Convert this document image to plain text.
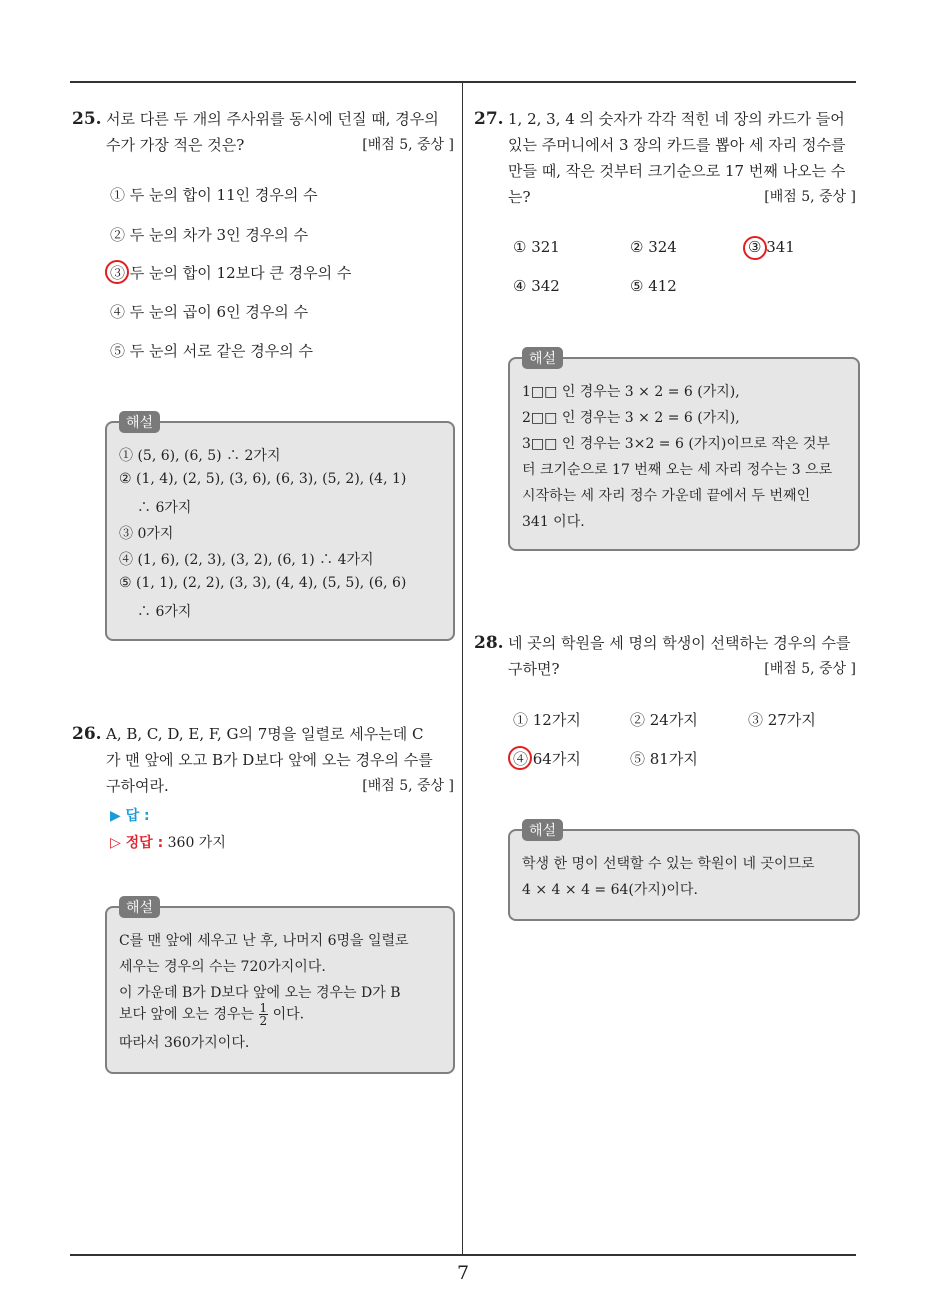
25. 서로 다른 두 개의 주사위를 동시에 던질 때, 경우의
수가 가장 적은 것은?	[배점 5, 중상 ]
① 두 눈의 합이 11인 경우의 수
② 두 눈의 차가 3인 경우의 수
③ 두 눈의 합이 12보다 큰 경우의 수
④ 두 눈의 곱이 6인 경우의 수
⑤ 두 눈의 서로 같은 경우의 수
해설
① (5, 6), (6, 5) ∴ 2가지
② (1, 4), (2, 5), (3, 6), (6, 3), (5, 2), (4, 1)
∴ 6가지
③ 0가지
④ (1, 6), (2, 3), (3, 2), (6, 1) ∴ 4가지
⑤ (1, 1), (2, 2), (3, 3), (4, 4), (5, 5), (6, 6)
∴ 6가지
26. A, B, C, D, E, F, G의 7명을 일렬로 세우는데 C
가 맨 앞에 오고 B가 D보다 앞에 오는 경우의 수를
구하여라.	[배점 5, 중상 ]
▶ 답 :
▷ 정답 : 360 가지
해설
C를 맨 앞에 세우고 난 후, 나머지 6명을 일렬로
세우는 경우의 수는 720가지이다.
이 가운데 B가 D보다 앞에 오는 경우는 D가 B
보다 앞에 오는 경우는 $\frac{1}{2}$ 이다.
따라서 360가지이다.
27. 1, 2, 3, 4 의 숫자가 각각 적힌 네 장의 카드가 들어
있는 주머니에서 3 장의 카드를 뽑아 세 자리 정수를
만들 때, 작은 것부터 크기순으로 17 번째 나오는 수
는?	[배점 5, 중상 ]
① 321	② 324	③ 341
④ 342	⑤ 412
해설
1□□ 인 경우는 3 × 2 = 6 (가지),
2□□ 인 경우는 3 × 2 = 6 (가지),
3□□ 인 경우는 3×2 = 6 (가지)이므로 작은 것부
터 크기순으로 17 번째 오는 세 자리 정수는 3 으로
시작하는 세 자리 정수 가운데 끝에서 두 번째인
341 이다.
28. 네 곳의 학원을 세 명의 학생이 선택하는 경우의 수를
구하면?	[배점 5, 중상 ]
① 12가지	② 24가지	③ 27가지
④ 64가지	⑤ 81가지
해설
학생 한 명이 선택할 수 있는 학원이 네 곳이므로
4 × 4 × 4 = 64(가지)이다.
7
